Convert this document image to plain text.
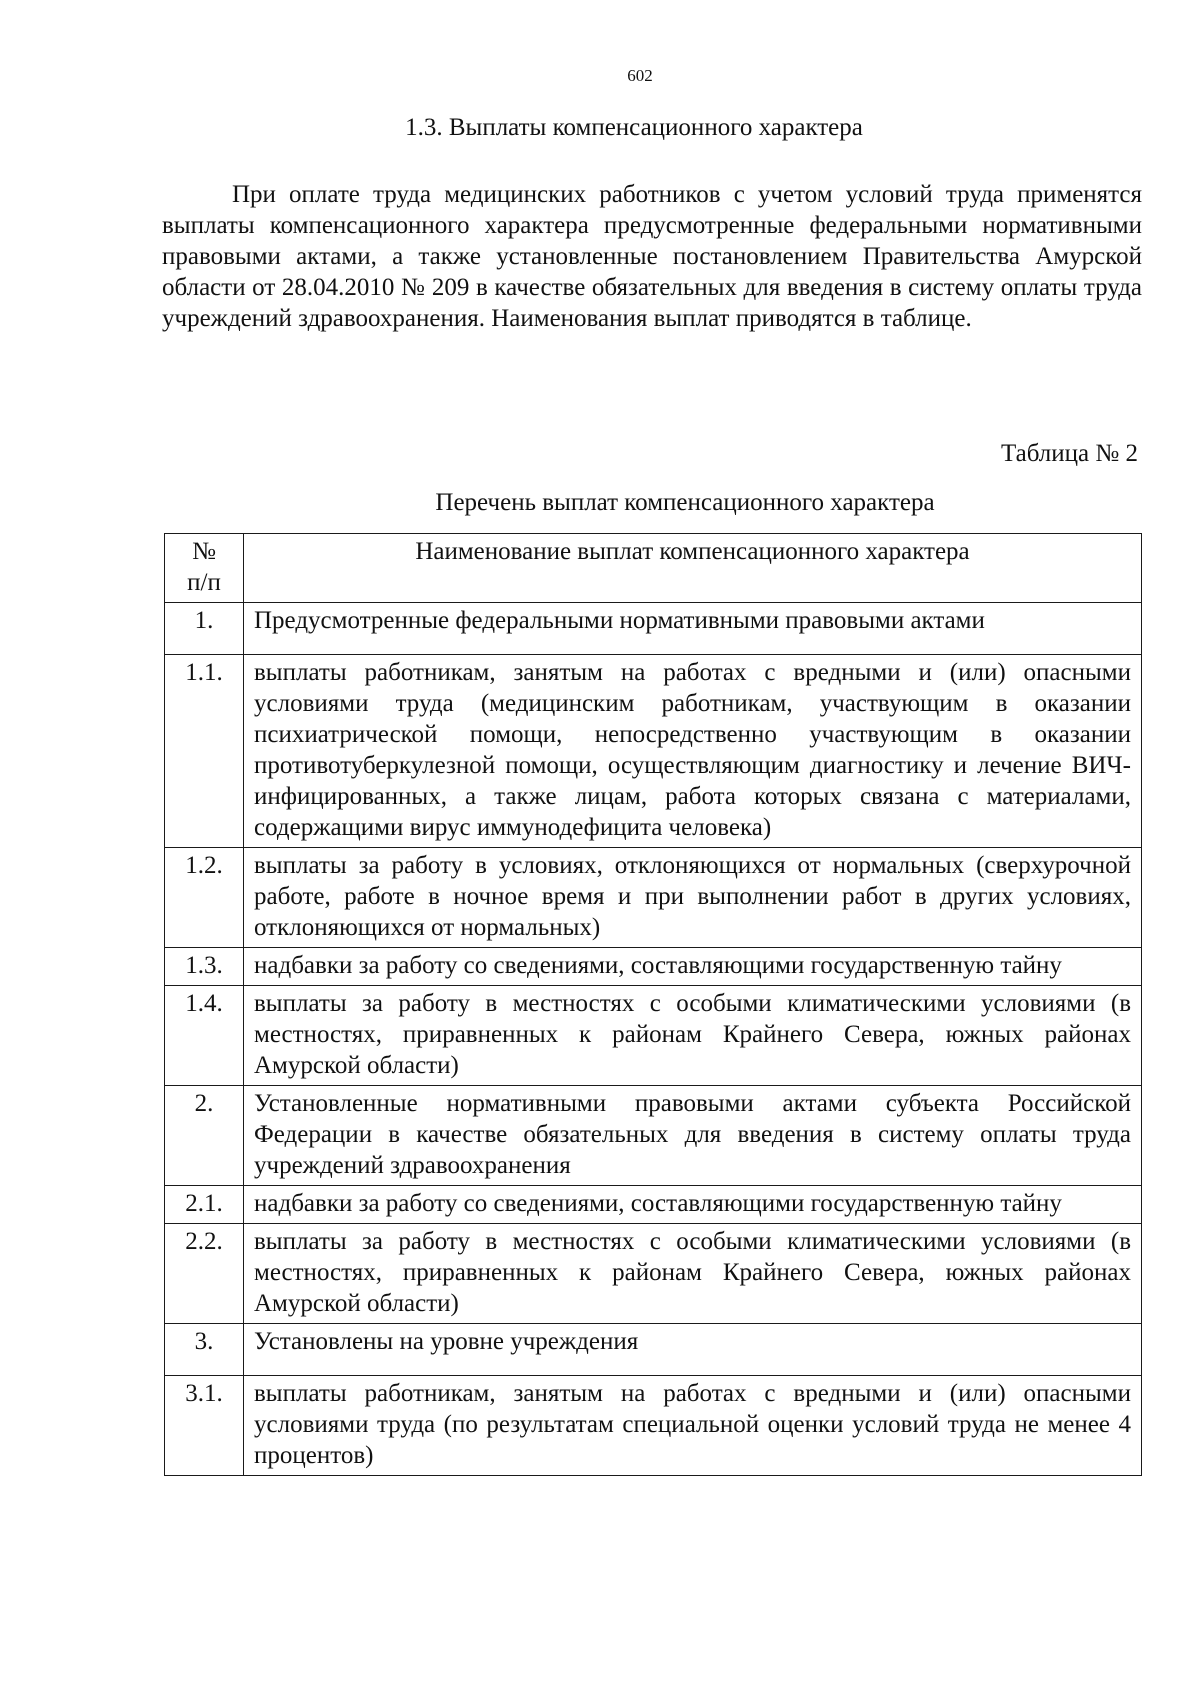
602
1.3. Выплаты компенсационного характера

При оплате труда медицинских работников с учетом условий труда применятся выплаты компенсационного характера предусмотренные федеральными нормативными правовыми актами, а также установленные постановлением Правительства Амурской области от 28.04.2010 № 209 в качестве обязательных для введения в систему оплаты труда учреждений здравоохранения. Наименования выплат приводятся в таблице.

Таблица № 2
Перечень выплат компенсационного характера
№
п/п	Наименование выплат компенсационного характера
1.	Предусмотренные федеральными нормативными правовыми актами
1.1.	выплаты работникам, занятым на работах с вредными и (или) опасными условиями труда (медицинским работникам, участвующим в оказании психиатрической помощи, непосредственно участвующим в оказании противотуберкулезной помощи, осуществляющим диагностику и лечение ВИЧ-инфицированных, а также лицам, работа которых связана с материалами, содержащими вирус иммунодефицита человека)
1.2.	выплаты за работу в условиях, отклоняющихся от нормальных (сверхурочной работе, работе в ночное время и при выполнении работ в других условиях, отклоняющихся от нормальных)
1.3.	надбавки за работу со сведениями, составляющими государственную тайну
1.4.	выплаты за работу в местностях с особыми климатическими условиями (в местностях, приравненных к районам Крайнего Севера, южных районах Амурской области)
2.	Установленные нормативными правовыми актами субъекта Российской Федерации в качестве обязательных для введения в систему оплаты труда учреждений здравоохранения
2.1.	надбавки за работу со сведениями, составляющими государственную тайну
2.2.	выплаты за работу в местностях с особыми климатическими условиями (в местностях, приравненных к районам Крайнего Севера, южных районах Амурской области)
3.	Установлены на уровне учреждения
3.1.	выплаты работникам, занятым на работах с вредными и (или) опасными условиями труда (по результатам специальной оценки условий труда не менее 4 процентов)
